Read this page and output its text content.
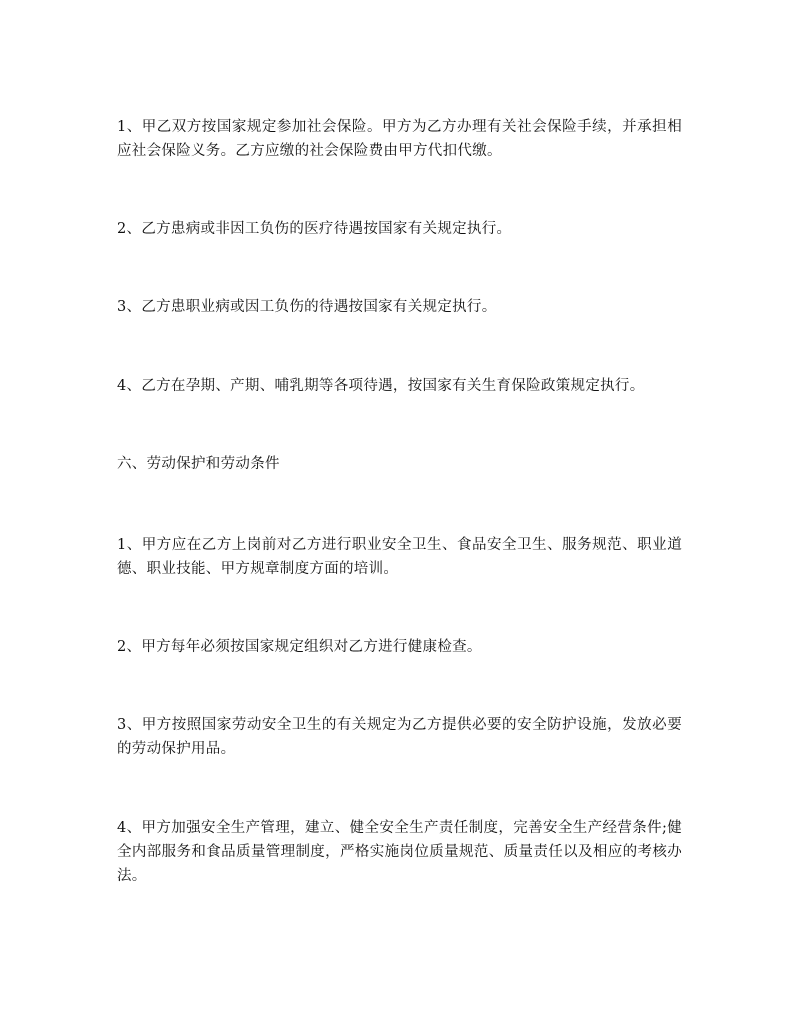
1、甲乙双方按国家规定参加社会保险。甲方为乙方办理有关社会保险手续，并承担相应社会保险义务。乙方应缴的社会保险费由甲方代扣代缴。

2、乙方患病或非因工负伤的医疗待遇按国家有关规定执行。

3、乙方患职业病或因工负伤的待遇按国家有关规定执行。

4、乙方在孕期、产期、哺乳期等各项待遇，按国家有关生育保险政策规定执行。

六、劳动保护和劳动条件

1、甲方应在乙方上岗前对乙方进行职业安全卫生、食品安全卫生、服务规范、职业道德、职业技能、甲方规章制度方面的培训。

2、甲方每年必须按国家规定组织对乙方进行健康检查。

3、甲方按照国家劳动安全卫生的有关规定为乙方提供必要的安全防护设施，发放必要的劳动保护用品。

4、甲方加强安全生产管理，建立、健全安全生产责任制度，完善安全生产经营条件;健全内部服务和食品质量管理制度，严格实施岗位质量规范、质量责任以及相应的考核办法。
